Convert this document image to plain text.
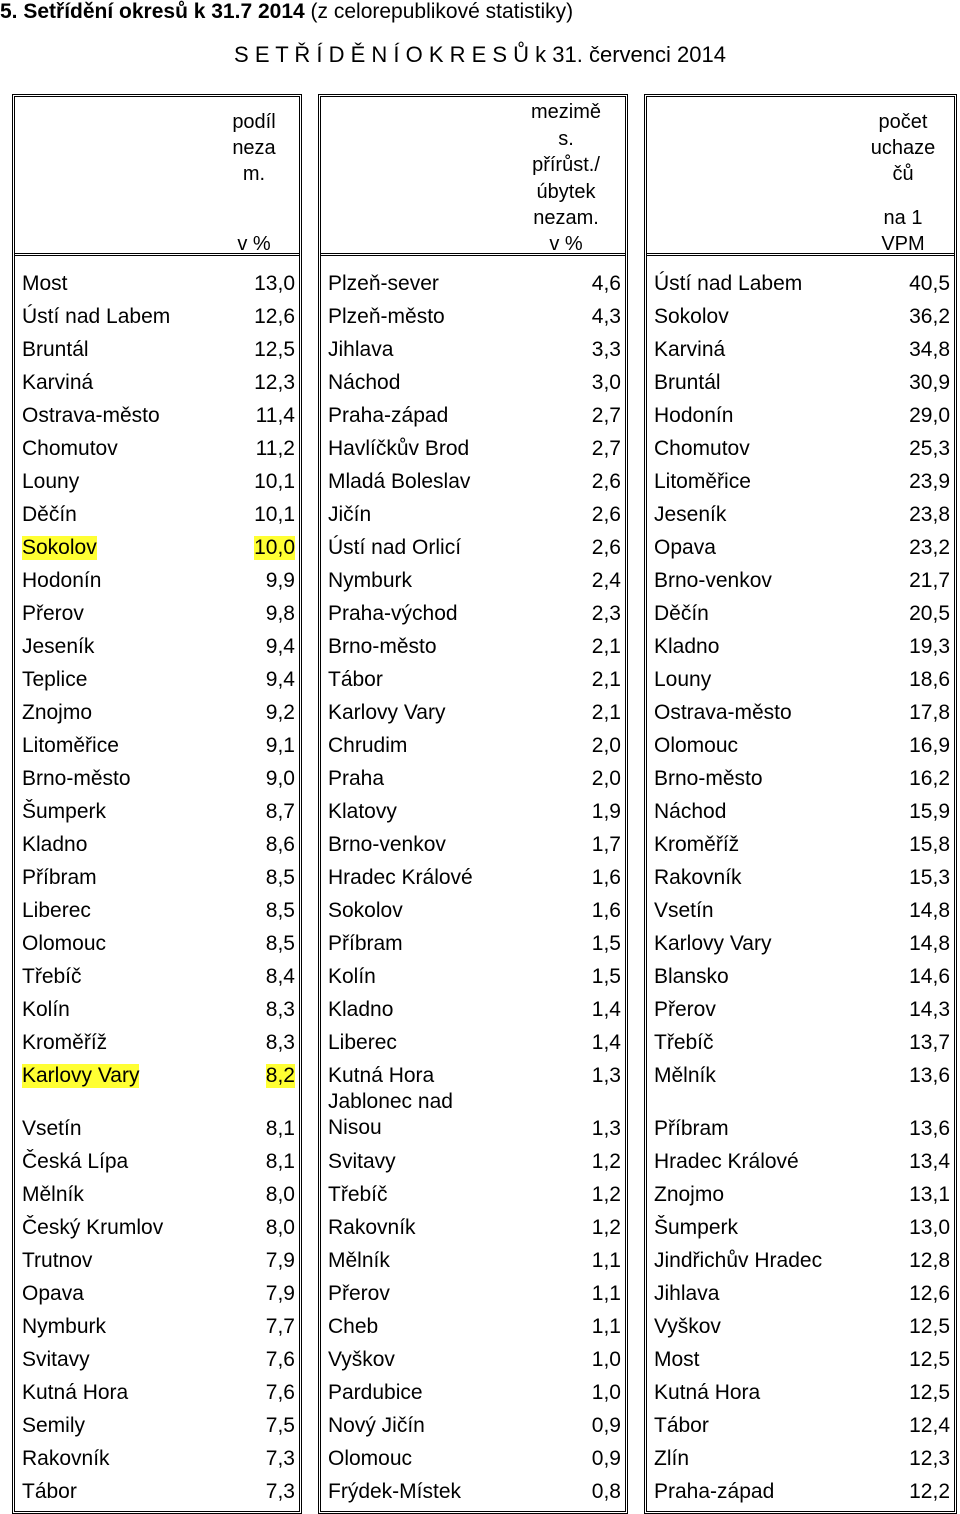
5. Setřídění okresů k 31.7 2014 (z celorepublikové statistiky)
S E T Ř Í D Ě N Í O K R E S Ů k 31. červenci 2014
podíl
neza
m.
v %
Most	13,0
Ústí nad Labem	12,6
Bruntál	12,5
Karviná	12,3
Ostrava-město	11,4
Chomutov	11,2
Louny	10,1
Děčín	10,1
Sokolov	10,0
Hodonín	9,9
Přerov	9,8
Jeseník	9,4
Teplice	9,4
Znojmo	9,2
Litoměřice	9,1
Brno-město	9,0
Šumperk	8,7
Kladno	8,6
Příbram	8,5
Liberec	8,5
Olomouc	8,5
Třebíč	8,4
Kolín	8,3
Kroměříž	8,3
Karlovy Vary	8,2
Vsetín	8,1
Česká Lípa	8,1
Mělník	8,0
Český Krumlov	8,0
Trutnov	7,9
Opava	7,9
Nymburk	7,7
Svitavy	7,6
Kutná Hora	7,6
Semily	7,5
Rakovník	7,3
Tábor	7,3
mezimě
s.
přírůst./
úbytek
nezam.
v %
Plzeň-sever	4,6
Plzeň-město	4,3
Jihlava	3,3
Náchod	3,0
Praha-západ	2,7
Havlíčkův Brod	2,7
Mladá Boleslav	2,6
Jičín	2,6
Ústí nad Orlicí	2,6
Nymburk	2,4
Praha-východ	2,3
Brno-město	2,1
Tábor	2,1
Karlovy Vary	2,1
Chrudim	2,0
Praha	2,0
Klatovy	1,9
Brno-venkov	1,7
Hradec Králové	1,6
Sokolov	1,6
Příbram	1,5
Kolín	1,5
Kladno	1,4
Liberec	1,4
Kutná Hora	1,3
Jablonec nad Nisou	1,3
Svitavy	1,2
Třebíč	1,2
Rakovník	1,2
Mělník	1,1
Přerov	1,1
Cheb	1,1
Vyškov	1,0
Pardubice	1,0
Nový Jičín	0,9
Olomouc	0,9
Frýdek-Místek	0,8
počet
uchaze
čů
na 1
VPM
Ústí nad Labem	40,5
Sokolov	36,2
Karviná	34,8
Bruntál	30,9
Hodonín	29,0
Chomutov	25,3
Litoměřice	23,9
Jeseník	23,8
Opava	23,2
Brno-venkov	21,7
Děčín	20,5
Kladno	19,3
Louny	18,6
Ostrava-město	17,8
Olomouc	16,9
Brno-město	16,2
Náchod	15,9
Kroměříž	15,8
Rakovník	15,3
Vsetín	14,8
Karlovy Vary	14,8
Blansko	14,6
Přerov	14,3
Třebíč	13,7
Mělník	13,6
Příbram	13,6
Hradec Králové	13,4
Znojmo	13,1
Šumperk	13,0
Jindřichův Hradec	12,8
Jihlava	12,6
Vyškov	12,5
Most	12,5
Kutná Hora	12,5
Tábor	12,4
Zlín	12,3
Praha-západ	12,2
